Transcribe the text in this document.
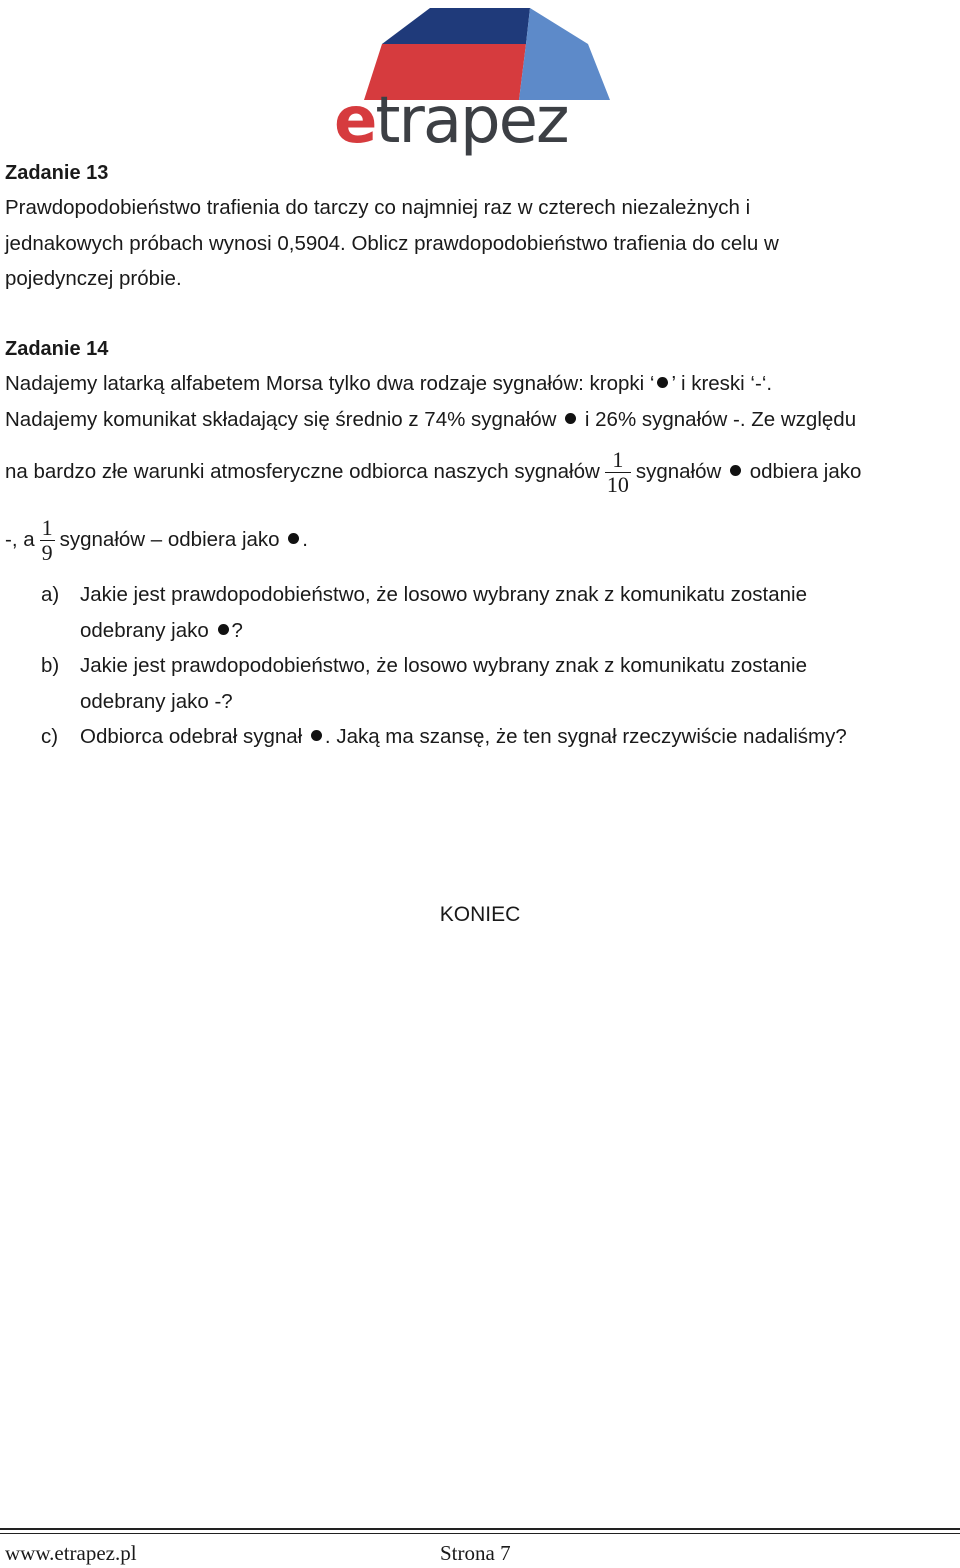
etrapez
Zadanie 13
Prawdopodobieństwo trafienia do tarczy co najmniej raz w czterech niezależnych i
jednakowych próbach wynosi 0,5904. Oblicz prawdopodobieństwo trafienia do celu w
pojedynczej próbie.
Zadanie 14
Nadajemy latarką alfabetem Morsa tylko dwa rodzaje sygnałów: kropki ‘ ’ i kreski ‘-‘.
Nadajemy komunikat składający się średnio z 74% sygnałów i 26% sygnałów -. Ze względu
na bardzo złe warunki atmosferyczne odbiorca naszych sygnałów $\frac{1}{10}$ sygnałów odbiera jako
-, a $\frac{1}{9}$ sygnałów – odbiera jako .
a) Jakie jest prawdopodobieństwo, że losowo wybrany znak z komunikatu zostanie
odebrany jako ?
b) Jakie jest prawdopodobieństwo, że losowo wybrany znak z komunikatu zostanie
odebrany jako -?
c) Odbiorca odebrał sygnał . Jaką ma szansę, że ten sygnał rzeczywiście nadaliśmy?
KONIEC
www.etrapez.pl	Strona 7
